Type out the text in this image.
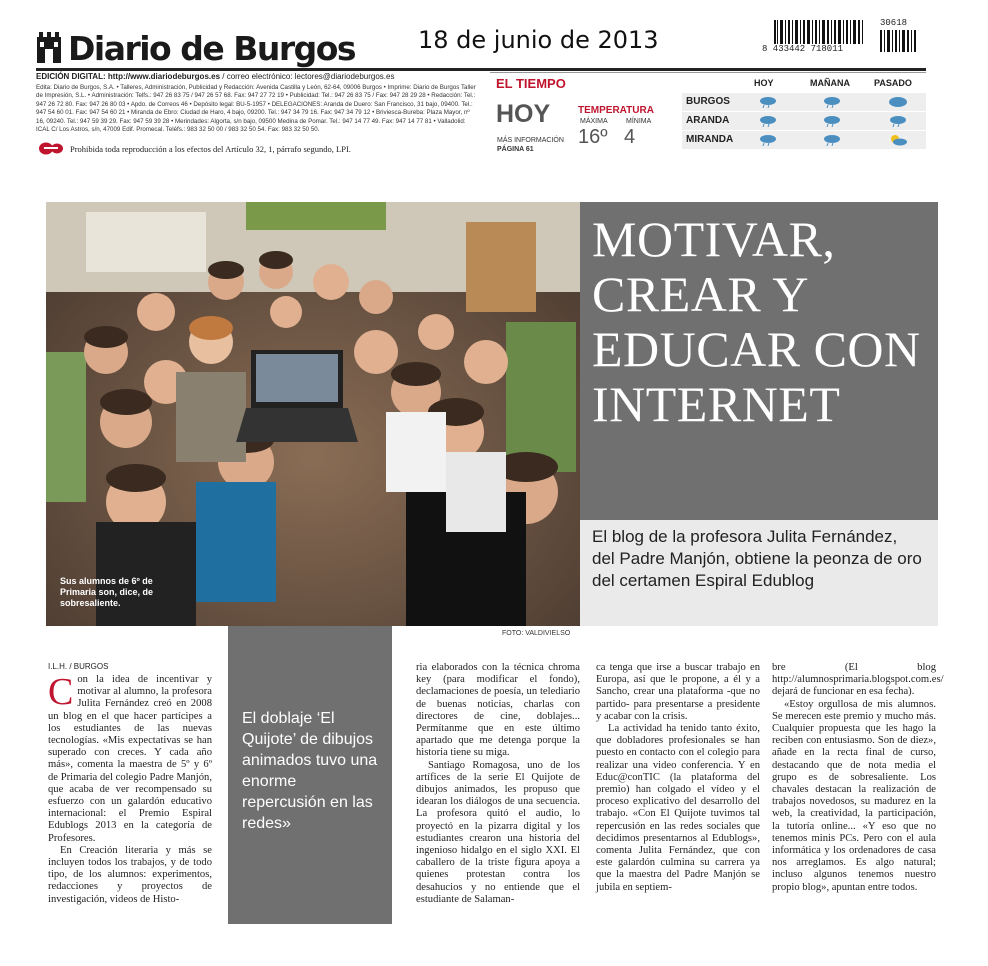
Diario de Burgos	18 de junio de 2013	8 433442 718011
30618
EDICIÓN DIGITAL: http://www.diariodeburgos.es / correo electrónico: lectores@diariodeburgos.es
Edita: Diario de Burgos, S.A. • Talleres, Administración, Publicidad y Redacción: Avenida Castilla y León, 62-64, 09006 Burgos • Imprime: Diario de Burgos Taller de Impresión, S.L. • Administración: Telfs.: 947 26 83 75 / 947 26 57 68. Fax: 947 27 72 19 • Publicidad: Tel.: 947 26 83 75 / Fax: 947 28 29 28 • Redacción: Tel.: 947 26 72 80. Fax: 947 26 80 03 • Apdo. de Correos 46 • Depósito legal: BU-5-1957 • DELEGACIONES: Aranda de Duero: San Francisco, 31 bajo, 09400. Tel.: 947 54 60 01. Fax: 947 54 60 21 • Miranda de Ebro: Ciudad de Haro, 4 bajo, 09200. Tel.: 947 34 79 16. Fax: 947 34 79 12 • Briviesca-Bureba: Plaza Mayor, nº 16, 09240. Tel.: 947 59 39 29. Fax: 947 59 39 28 • Merindades: Algorta, s/n bajo, 09500 Medina de Pomar. Tel.: 947 14 77 49. Fax: 947 14 77 81 • Valladolid: ICAL C/ Los Astros, s/n, 47009 Edif. Promecal. Teléfs.: 983 32 50 00 / 983 32 50 54. Fax: 983 32 50 50.
Prohibida toda reproducción a los efectos del Artículo 32, 1, párrafo segundo, LPI.
EL TIEMPO	HOY	MAÑANA	PASADO
HOY	TEMPERATURA
MÁXIMA	MÍNIMA
16º 4
MÁS INFORMACIÓN
PÁGINA 61
BURGOS
ARANDA
MIRANDA
Sus alumnos de 6º de Primaria son, dice, de sobresaliente.
FOTO: VALDIVIELSO
MOTIVAR, CREAR Y EDUCAR CON INTERNET
El blog de la profesora Julita Fernández, del Padre Manjón, obtiene la peonza de oro del certamen Espiral Edublog
El doblaje ‘El Quijote’ de dibujos animados tuvo una enorme repercusión en las redes»
I.L.H. / BURGOS

Con la idea de incentivar y motivar al alumno, la profesora Julita Fernández creó en 2008 un blog en el que hacer partícipes a los estudiantes de las nuevas tecnologías. «Mis expectativas se han superado con creces. Y cada año más», comenta la maestra de 5º y 6º de Primaria del colegio Padre Manjón, que acaba de ver recompensado su esfuerzo con un galardón educativo internacional: el Premio Espiral Edublogs 2013 en la categoría de Profesores.

En Creación literaria y más se incluyen todos los trabajos, y de todo tipo, de los alumnos: experimentos, redacciones y proyectos de investigación, videos de Histo-

ria elaborados con la técnica chroma key (para modificar el fondo), declamaciones de poesía, un telediario de buenas noticias, charlas con directores de cine, doblajes... Permítanme que en este último apartado que me detenga porque la historia tiene su miga.

Santiago Romagosa, uno de los artífices de la serie El Quijote de dibujos animados, les propuso que idearan los diálogos de una secuencia. La profesora quitó el audio, lo proyectó en la pizarra digital y los estudiantes crearon una historia del ingenioso hidalgo en el siglo XXI. El caballero de la triste figura apoya a quienes protestan contra los desahucios y no entiende que el estudiante de Salaman-

ca tenga que irse a buscar trabajo en Europa, así que le propone, a él y a Sancho, crear una plataforma -que no partido- para presentarse a presidente y acabar con la crisis.

La actividad ha tenido tanto éxito, que dobladores profesionales se han puesto en contacto con el colegio para realizar una video conferencia. Y en Educ@conTIC (la plataforma del premio) han colgado el vídeo y el proceso explicativo del desarrollo del trabajo. «Con El Quijote tuvimos tal repercusión en las redes sociales que decidimos presentarnos al Edublogs», comenta Julita Fernández, que con este galardón culmina su carrera ya que la maestra del Padre Manjón se jubila en septiem-

bre (El blog http://alumnosprimaria.blogspot.com.es/ dejará de funcionar en esa fecha).

«Estoy orgullosa de mis alumnos. Se merecen este premio y mucho más. Cualquier propuesta que les hago la reciben con entusiasmo. Son de diez», añade en la recta final de curso, destacando que de nota media el grupo es de sobresaliente. Los chavales destacan la realización de trabajos novedosos, su madurez en la web, la creatividad, la participación, la tutoría online... «Y eso que no tenemos minis PCs. Pero con el aula informática y los ordenadores de casa nos arreglamos. Es algo natural; incluso algunos tenemos nuestro propio blog», apuntan entre todos.
